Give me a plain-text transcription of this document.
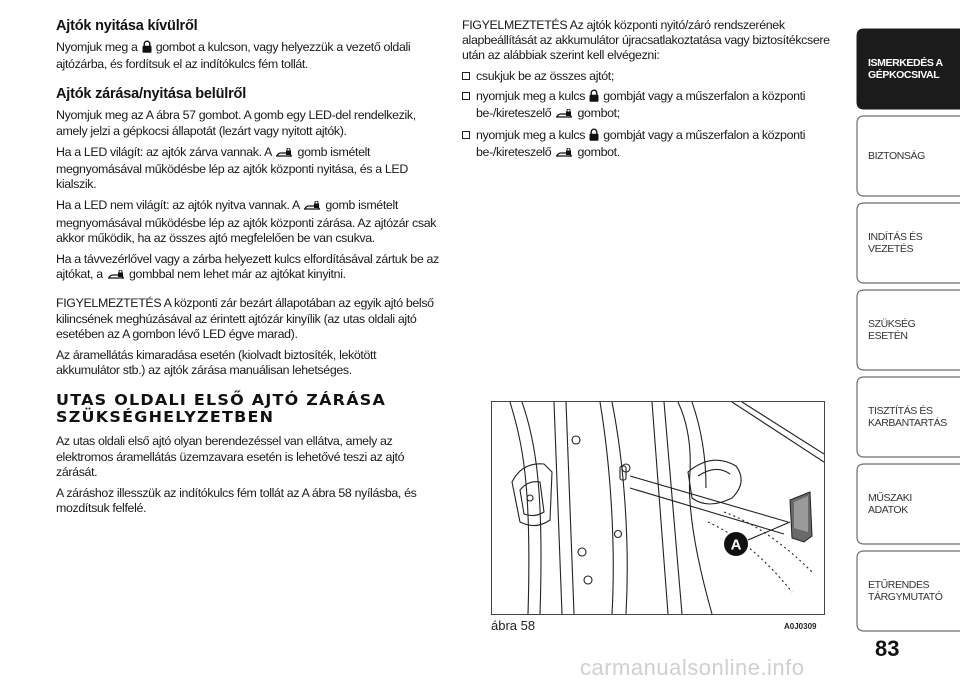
Ajtók nyitása kívülről
Nyomjuk meg a gombot a kulcson, vagy helyezzük a vezető oldali ajtózárba, és fordítsuk el az indítókulcs fém tollát.
Ajtók zárása/nyitása belülről
Nyomjuk meg az A ábra 57 gombot. A gomb egy LED-del rendelkezik, amely jelzi a gépkocsi állapotát (lezárt vagy nyitott ajtók).
Ha a LED világít: az ajtók zárva vannak. A gomb ismételt megnyomásával működésbe lép az ajtók központi nyitása, és a LED kialszik.
Ha a LED nem világít: az ajtók nyitva vannak. A gomb ismételt megnyomásával működésbe lép az ajtók központi zárása. Az ajtózár csak akkor működik, ha az összes ajtó megfelelően be van csukva.
Ha a távvezérlővel vagy a zárba helyezett kulcs elfordításával zártuk be az ajtókat, a gombbal nem lehet már az ajtókat kinyitni.
FIGYELMEZTETÉS A központi zár bezárt állapotában az egyik ajtó belső kilincsének meghúzásával az érintett ajtózár kinyílik (az utas oldali ajtó esetében az A gombon lévő LED égve marad).
Az áramellátás kimaradása esetén (kiolvadt biztosíték, lekötött akkumulátor stb.) az ajtók zárása manuálisan lehetséges.
UTAS OLDALI ELSŐ AJTÓ ZÁRÁSA SZÜKSÉGHELYZETBEN
Az utas oldali első ajtó olyan berendezéssel van ellátva, amely az elektromos áramellátás üzemzavara esetén is lehetővé teszi az ajtó zárását.
A záráshoz illesszük az indítókulcs fém tollát az A ábra 58 nyílásba, és mozdítsuk felfelé.
FIGYELMEZTETÉS Az ajtók központi nyitó/záró rendszerének alapbeállítását az akkumulátor újracsatlakoztatása vagy biztosítékcsere után az alábbiak szerint kell elvégezni:
csukjuk be az összes ajtót;
nyomjuk meg a kulcs gombját vagy a műszerfalon a központi be-/kireteszelő gombot;
nyomjuk meg a kulcs gombját vagy a műszerfalon a központi be-/kireteszelő gombot.
A
ábra 58	A0J0309
ISMERKEDÉS A GÉPKOCSIVAL
BIZTONSÁG
INDÍTÁS ÉS VEZETÉS
SZÜKSÉG ESETÉN
TISZTÍTÁS ÉS KARBANTARTÁS
MŰSZAKI ADATOK
ETŰRENDES TÁRGYMUTATÓ
83
carmanualsonline.info
